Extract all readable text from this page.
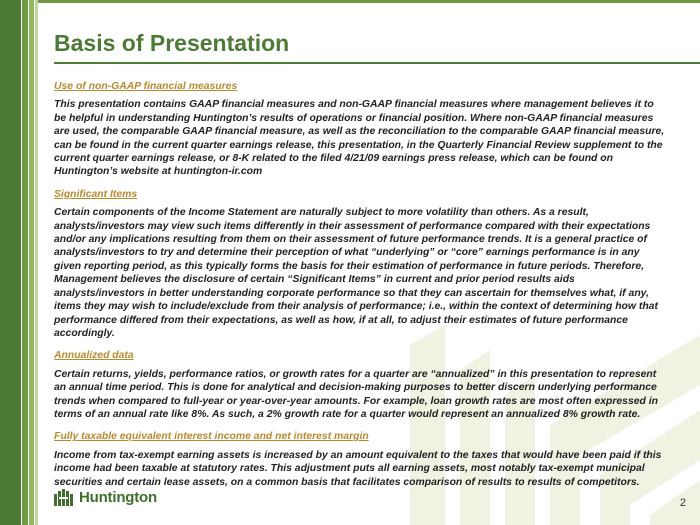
Basis of Presentation

Use of non-GAAP financial measures

This presentation contains GAAP financial measures and non-GAAP financial measures where management believes it to be helpful in understanding Huntington’s results of operations or financial position. Where non-GAAP financial measures are used, the comparable GAAP financial measure, as well as the reconciliation to the comparable GAAP financial measure, can be found in the current quarter earnings release, this presentation, in the Quarterly Financial Review supplement to the current quarter earnings release, or 8-K related to the filed 4/21/09 earnings press release, which can be found on Huntington’s website at huntington-ir.com

Significant Items

Certain components of the Income Statement are naturally subject to more volatility than others. As a result, analysts/investors may view such items differently in their assessment of performance compared with their expectations and/or any implications resulting from them on their assessment of future performance trends. It is a general practice of analysts/investors to try and determine their perception of what “underlying” or “core” earnings performance is in any given reporting period, as this typically forms the basis for their estimation of performance in future periods. Therefore, Management believes the disclosure of certain “Significant Items” in current and prior period results aids analysts/investors in better understanding corporate performance so that they can ascertain for themselves what, if any, items they may wish to include/exclude from their analysis of performance; i.e., within the context of determining how that performance differed from their expectations, as well as how, if at all, to adjust their estimates of future performance accordingly.

Annualized data

Certain returns, yields, performance ratios, or growth rates for a quarter are “annualized” in this presentation to represent an annual time period. This is done for analytical and decision-making purposes to better discern underlying performance trends when compared to full-year or year-over-year amounts. For example, loan growth rates are most often expressed in terms of an annual rate like 8%. As such, a 2% growth rate for a quarter would represent an annualized 8% growth rate.

Fully taxable equivalent interest income and net interest margin

Income from tax-exempt earning assets is increased by an amount equivalent to the taxes that would have been paid if this income had been taxable at statutory rates. This adjustment puts all earning assets, most notably tax-exempt municipal securities and certain lease assets, on a common basis that facilitates comparison of results to results of competitors.

Huntington	2
